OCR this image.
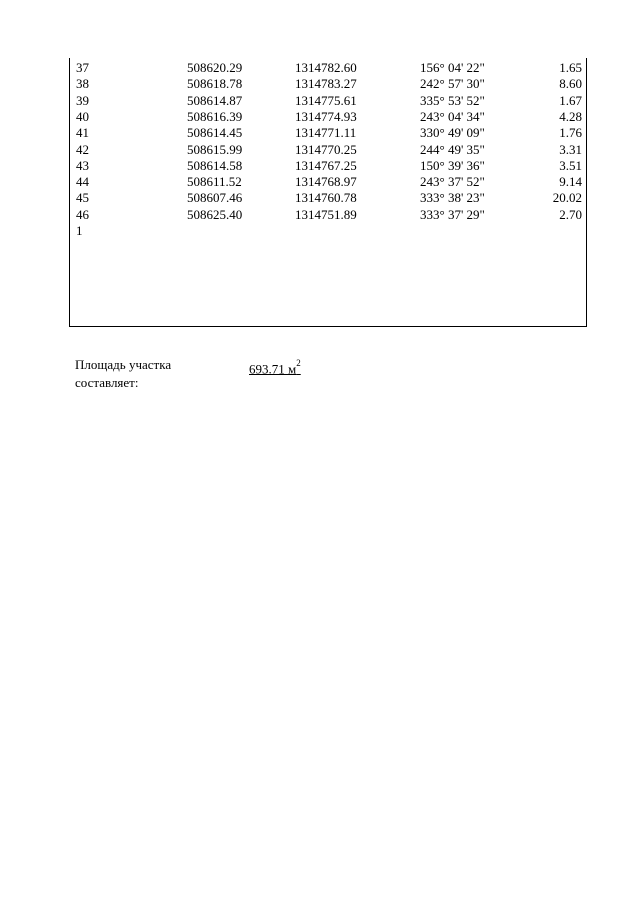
37	508620.29	1314782.60	156° 04' 22"	1.65
38	508618.78	1314783.27	242° 57' 30"	8.60
39	508614.87	1314775.61	335° 53' 52"	1.67
40	508616.39	1314774.93	243° 04' 34"	4.28
41	508614.45	1314771.11	330° 49' 09"	1.76
42	508615.99	1314770.25	244° 49' 35"	3.31
43	508614.58	1314767.25	150° 39' 36"	3.51
44	508611.52	1314768.97	243° 37' 52"	9.14
45	508607.46	1314760.78	333° 38' 23"	20.02
46	508625.40	1314751.89	333° 37' 29"	2.70
1
Площадь участка
составляет:
693.71 $м^2$
